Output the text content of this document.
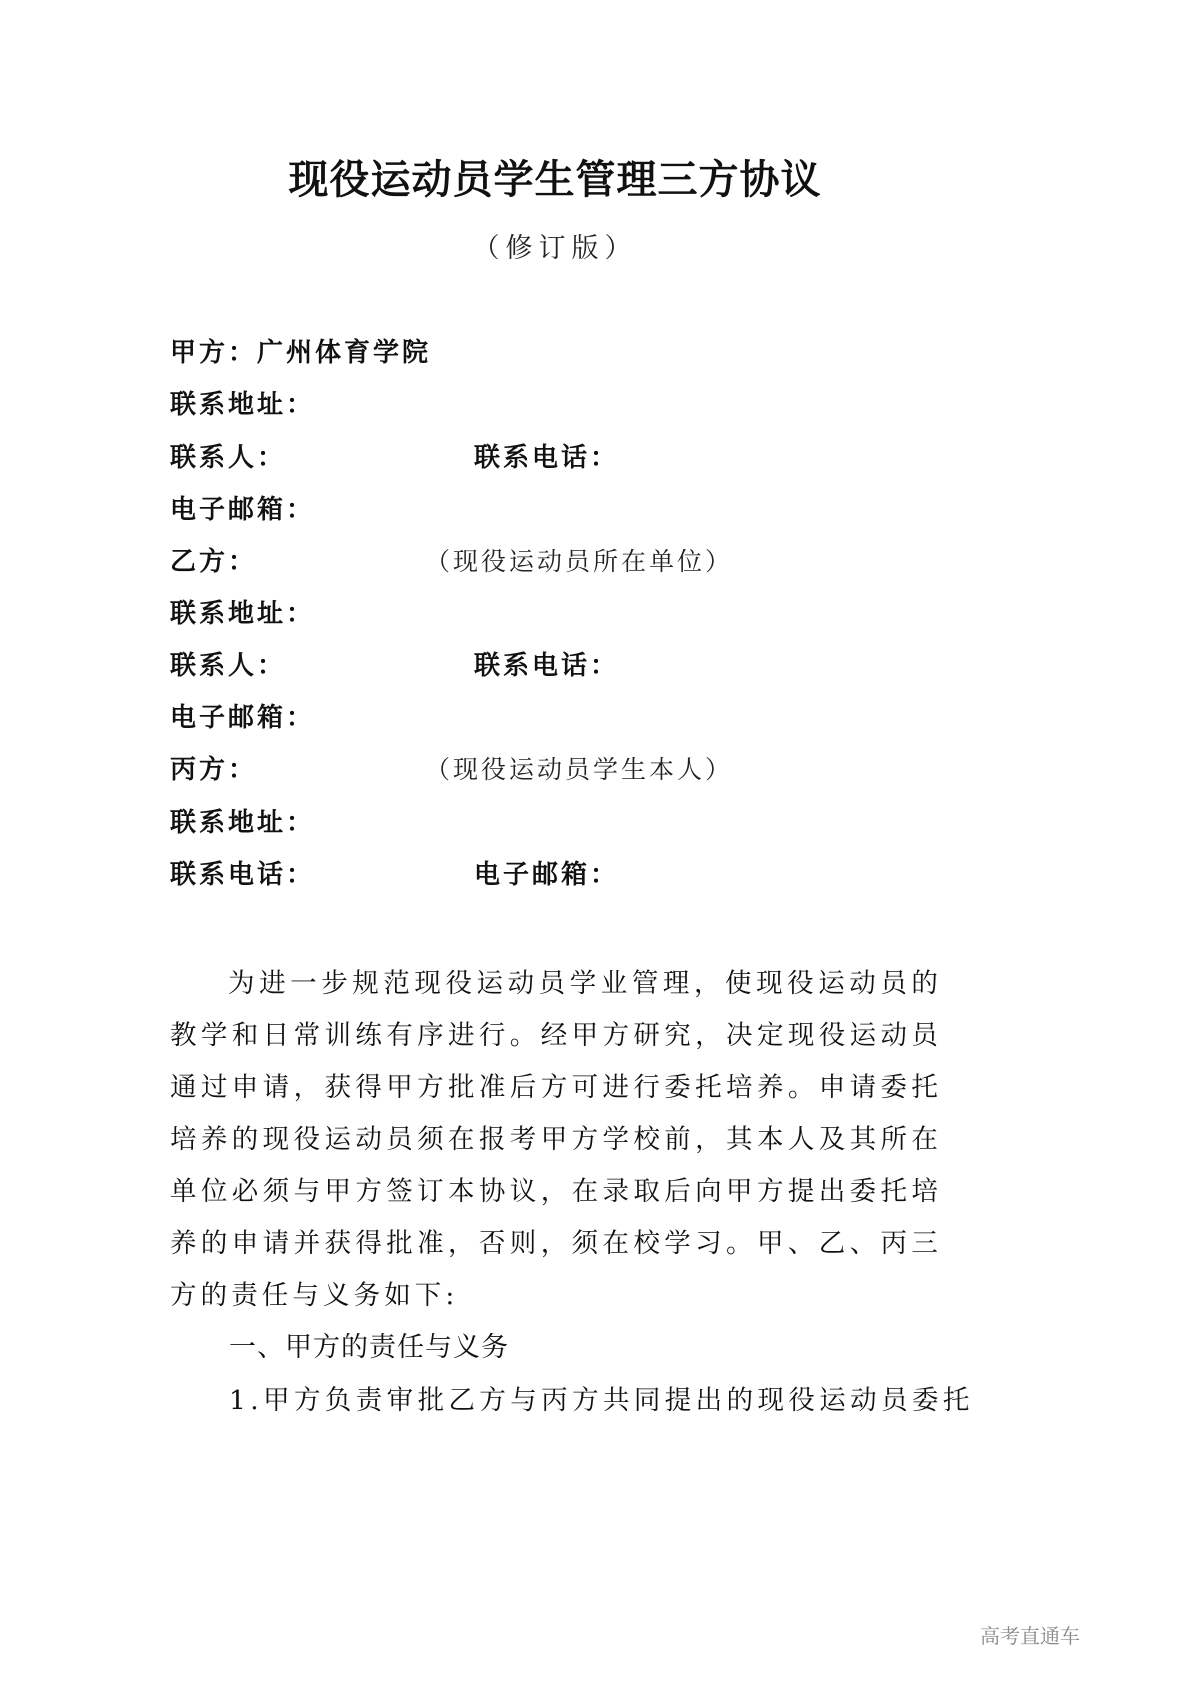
现役运动员学生管理三方协议
（修订版）
甲方：广州体育学院
联系地址：
联系人：	联系电话：
电子邮箱：
乙方：	（现役运动员所在单位）
联系地址：
联系人：	联系电话：
电子邮箱：
丙方：	（现役运动员学生本人）
联系地址：
联系电话：	电子邮箱：
为进一步规范现役运动员学业管理，使现役运动员的教学和日常训练有序进行。经甲方研究，决定现役运动员通过申请，获得甲方批准后方可进行委托培养。申请委托培养的现役运动员须在报考甲方学校前，其本人及其所在单位必须与甲方签订本协议，在录取后向甲方提出委托培养的申请并获得批准，否则，须在校学习。甲、乙、丙三方的责任与义务如下:
一、甲方的责任与义务
1.甲方负责审批乙方与丙方共同提出的现役运动员委托
高考直通车
